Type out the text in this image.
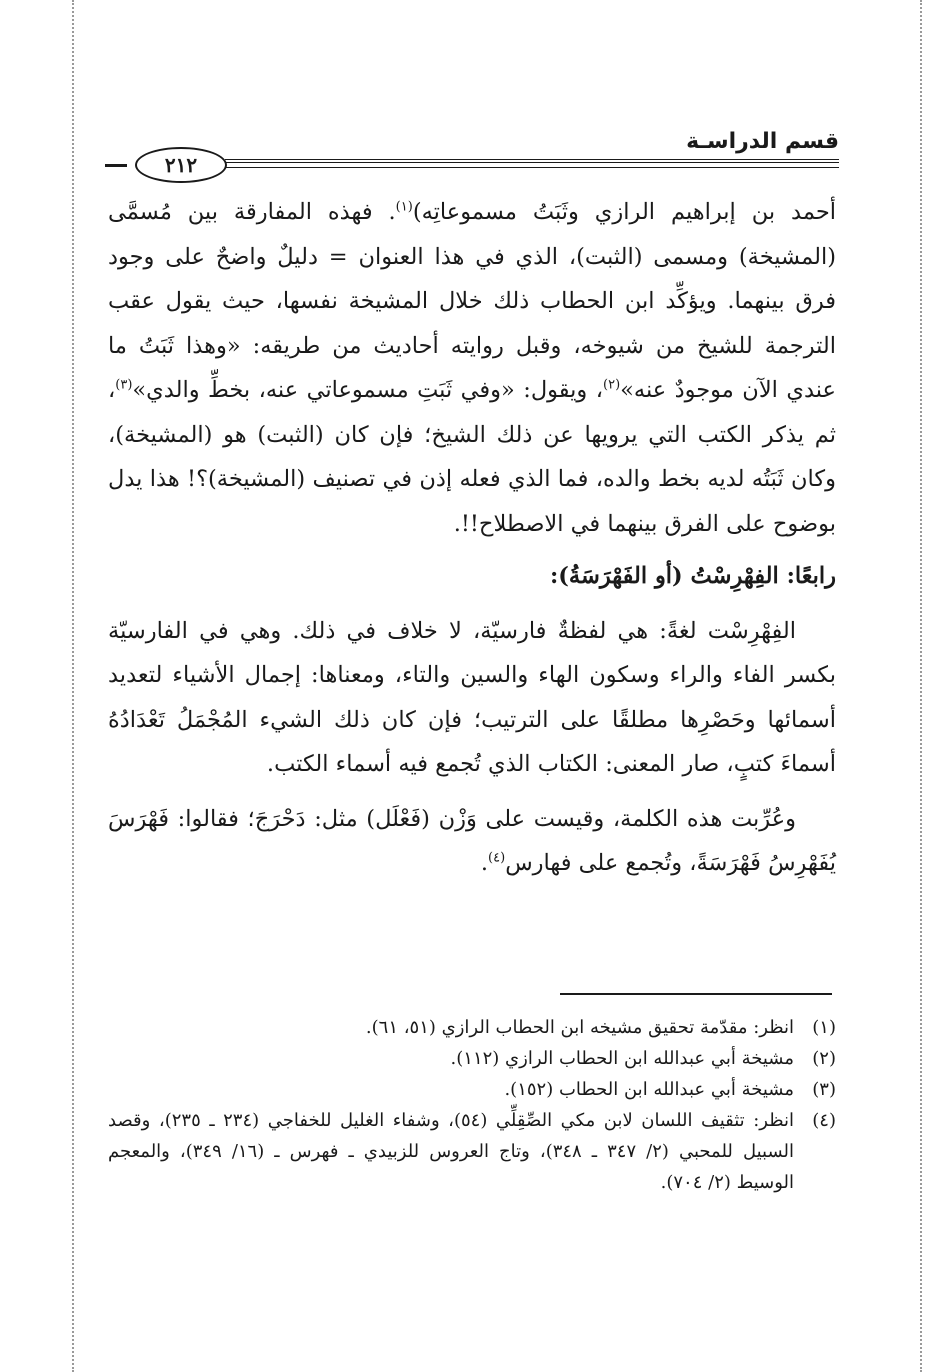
قسم الدراسـة
٢١٢

أحمد بن إبراهيم الرازي وثَبَتُ مسموعاتِه)$^{(١)}$. فهذه المفارقة بين مُسمَّى (المشيخة) ومسمى (الثبت)، الذي في هذا العنوان = دليلٌ واضحٌ على وجود فرق بينهما. ويؤكِّد ابن الحطاب ذلك خلال المشيخة نفسها، حيث يقول عقب الترجمة للشيخ من شيوخه، وقبل روايته أحاديث من طريقه: «وهذا ثَبَتُ ما عندي الآن موجودٌ عنه»$^{(٢)}$، ويقول: «وفي ثَبَتِ مسموعاتي عنه، بخطِّ والدي»$^{(٣)}$، ثم يذكر الكتب التي يرويها عن ذلك الشيخ؛ فإن كان (الثبت) هو (المشيخة)، وكان ثَبَتُه لديه بخط والده، فما الذي فعله إذن في تصنيف (المشيخة)؟! هذا يدل بوضوح على الفرق بينهما في الاصطلاح!!.

رابعًا: الفِهْرِسْتُ (أو الفَهْرَسَةُ):

الفِهْرِسْت لغةً: هي لفظةٌ فارسيّة، لا خلاف في ذلك. وهي في الفارسيّة بكسر الفاء والراء وسكون الهاء والسين والتاء، ومعناها: إجمال الأشياء لتعديد أسمائها وحَصْرِها مطلقًا على الترتيب؛ فإن كان ذلك الشيء المُجْمَلُ تَعْدَادُهُ أسماءَ كتبٍ، صار المعنى: الكتاب الذي تُجمع فيه أسماء الكتب.

وعُرِّبت هذه الكلمة، وقيست على وَزْن (فَعْلَل) مثل: دَحْرَجَ؛ فقالوا: فَهْرَسَ يُفَهْرِسُ فَهْرَسَةً، وتُجمع على فهارس$^{(٤)}$.

(١)
انظر: مقدّمة تحقيق مشيخه ابن الحطاب الرازي (٥١، ٦١).
(٢)
مشيخة أبي عبدالله ابن الحطاب الرازي (١١٢).
(٣)
مشيخة أبي عبدالله ابن الحطاب (١٥٢).
(٤)
انظر: تثقيف اللسان لابن مكي الصِّقِلِّي (٥٤)، وشفاء الغليل للخفاجي (٢٣٤ ـ ٢٣٥)، وقصد السبيل للمحبي (٢/ ٣٤٧ ـ ٣٤٨)، وتاج العروس للزبيدي ـ فهرس ـ (١٦/ ٣٤٩)، والمعجم الوسيط (٢/ ٧٠٤).
